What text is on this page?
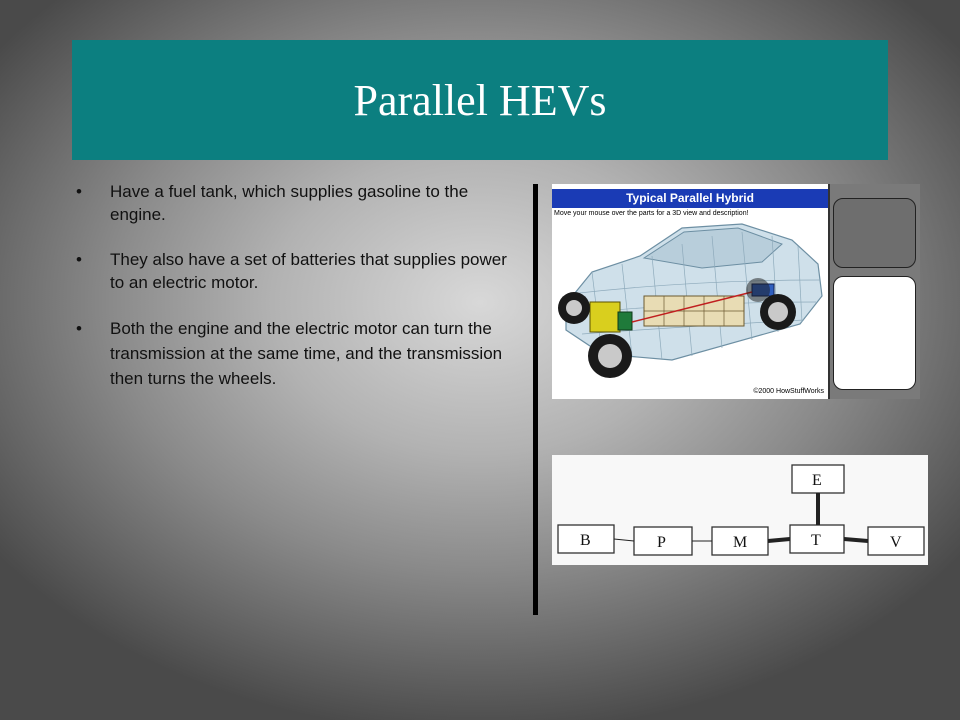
Parallel HEVs
• Have a fuel tank, which supplies gasoline to the engine.
• They also have a set of batteries that supplies power to an electric motor.
• Both the engine and the electric motor can turn the transmission at the same time, and the transmission then turns the wheels.
Typical Parallel Hybrid
Move your mouse over the parts for a 3D view and description!
©2000 HowStuffWorks
B	P	M	T	V
E
